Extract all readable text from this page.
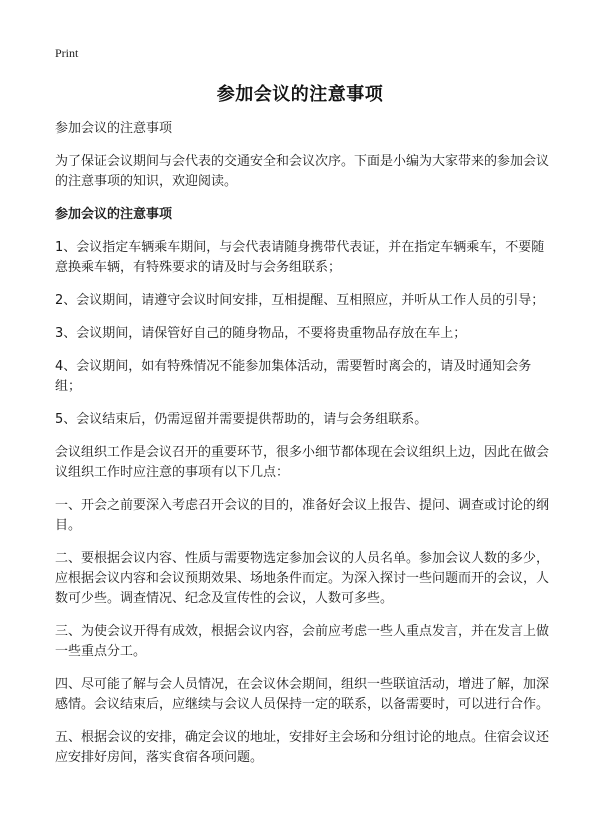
Print
参加会议的注意事项

参加会议的注意事项

为了保证会议期间与会代表的交通安全和会议次序。下面是小编为大家带来的参加会议的注意事项的知识，欢迎阅读。

参加会议的注意事项

1、会议指定车辆乘车期间，与会代表请随身携带代表证，并在指定车辆乘车，不要随意换乘车辆，有特殊要求的请及时与会务组联系；

2、会议期间，请遵守会议时间安排，互相提醒、互相照应，并听从工作人员的引导；

3、会议期间，请保管好自己的随身物品，不要将贵重物品存放在车上；

4、会议期间，如有特殊情况不能参加集体活动，需要暂时离会的，请及时通知会务组；

5、会议结束后，仍需逗留并需要提供帮助的，请与会务组联系。

会议组织工作是会议召开的重要环节，很多小细节都体现在会议组织上边，因此在做会议组织工作时应注意的事项有以下几点：

一、开会之前要深入考虑召开会议的目的，准备好会议上报告、提问、调查或讨论的纲目。

二、要根据会议内容、性质与需要物选定参加会议的人员名单。参加会议人数的多少，应根据会议内容和会议预期效果、场地条件而定。为深入探讨一些问题而开的会议，人数可少些。调查情况、纪念及宣传性的会议，人数可多些。

三、为使会议开得有成效，根据会议内容，会前应考虑一些人重点发言，并在发言上做一些重点分工。

四、尽可能了解与会人员情况，在会议休会期间，组织一些联谊活动，增进了解，加深感情。会议结束后，应继续与会议人员保持一定的联系，以备需要时，可以进行合作。

五、根据会议的安排，确定会议的地址，安排好主会场和分组讨论的地点。住宿会议还应安排好房间，落实食宿各项问题。
